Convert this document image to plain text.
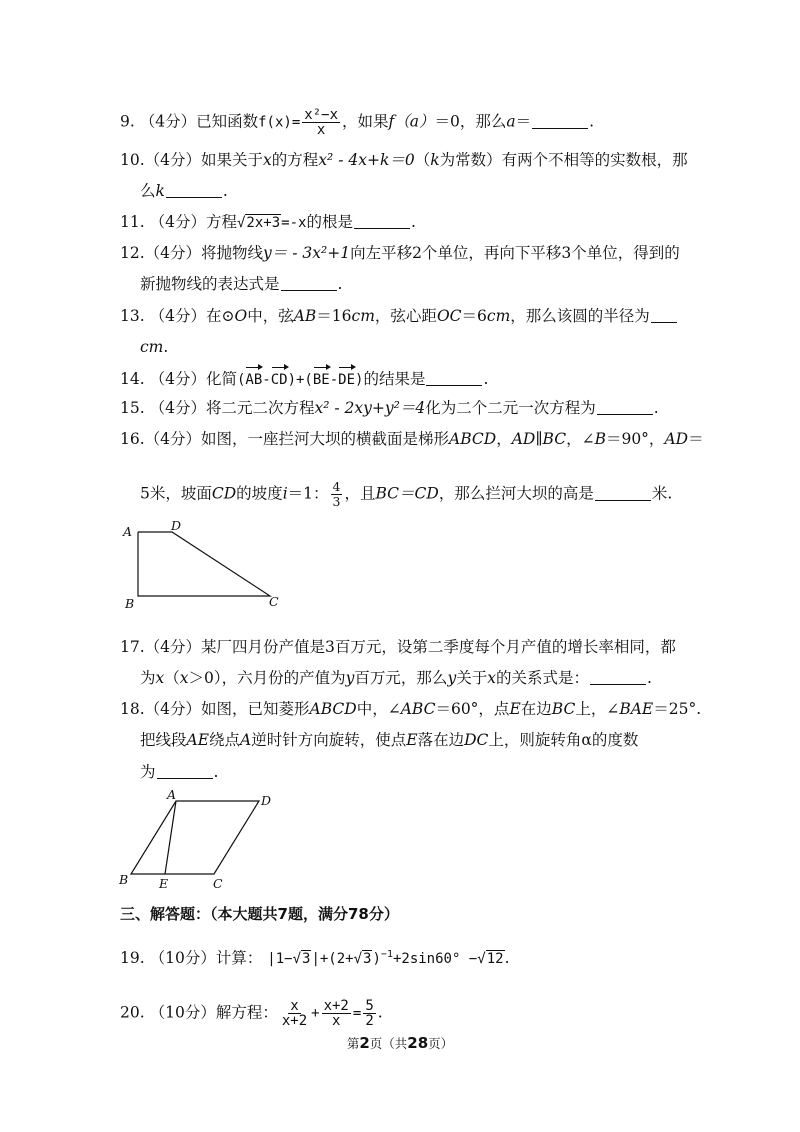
9. （4分）已知函数$f(x)= \frac{\text{x²−x}}{x}$ ，如果f（a）＝0，那么a＝	.
10.（4分）如果关于x的方程x² ‐ 4x+k＝0（k为常数）有两个不相等的实数根，那
么k	.
11. （4分）方程√2x+3=-x的根是	.
12.（4分）将抛物线y＝ ‐ 3x²+1向左平移2个单位，再向下平移3个单位，得到的
新抛物线的表达式是	.
13. （4分）在⊙O中，弦AB＝16cm，弦心距OC＝6cm，那么该圆的半径为
cm.
14. （4分）化简(AB-CD)+(BE-DE)的结果是	.
15. （4分）将二元二次方程x² ‐ 2xy+y²＝4化为二个二元一次方程为	.
16.（4分）如图，一座拦河大坝的横截面是梯形ABCD，AD∥BC，∠B＝90°，AD＝
5米，坡面CD的坡度i＝1： $\frac{4}{3}$ ，且BC＝CD，那么拦河大坝的高是	米.
A	D
B	C
17.（4分）某厂四月份产值是3百万元，设第二季度每个月产值的增长率相同，都
为x（x＞0），六月份的产值为y百万元，那么y关于x的关系式是：	.
18.（4分）如图，已知菱形ABCD中，∠ABC＝60°，点E在边BC上，∠BAE＝25°.
把线段AE绕点A逆时针方向旋转，使点E落在边DC上，则旋转角α的度数
为	.
A	D
B E	C
三、解答题：（本大题共7题，满分78分）
19. （10分）计算： $|1-√3|+(2+√3)^{-1}+2\sin 60^\circ -√12$.
20. （10分）解方程： $\frac{x}{x+2} + \frac{x+2}{x} = \frac{5}{2}$ .
第2页（共28页）
